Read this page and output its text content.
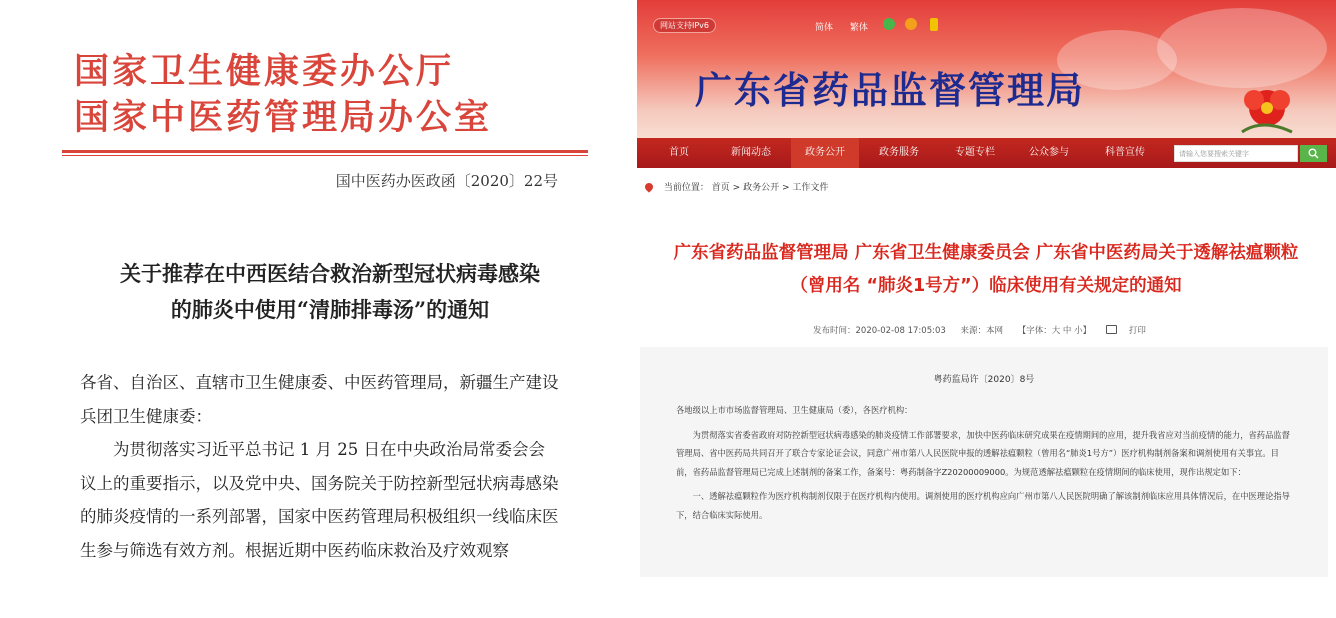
国家卫生健康委办公厅
国家中医药管理局办公室
国中医药办医政函〔2020〕22号
关于推荐在中西医结合救治新型冠状病毒感染
的肺炎中使用“清肺排毒汤”的通知

各省、自治区、直辖市卫生健康委、中医药管理局，新疆生产建设兵团卫生健康委：

为贯彻落实习近平总书记 1 月 25 日在中央政治局常委会会议上的重要指示，以及党中央、国务院关于防控新型冠状病毒感染的肺炎疫情的一系列部署，国家中医药管理局积极组织一线临床医生参与筛选有效方剂。根据近期中医药临床救治及疗效观察

网站支持IPv6	简体 繁体
广东省药品监督管理局
首页	新闻动态	政务公开	政务服务	专题专栏	公众参与	科普宣传	请输入您要搜索关键字
当前位置： 首页 > 政务公开 > 工作文件
广东省药品监督管理局 广东省卫生健康委员会 广东省中医药局关于透解祛瘟颗粒
（曾用名 “肺炎1号方”）临床使用有关规定的通知
发布时间：2020-02-08 17:05:03 来源：本网 【字体：大 中 小】	打印
粤药监局许〔2020〕8号

各地级以上市市场监督管理局、卫生健康局（委），各医疗机构：

为贯彻落实省委省政府对防控新型冠状病毒感染的肺炎疫情工作部署要求，加快中医药临床研究成果在疫情期间的应用，提升我省应对当前疫情的能力，省药品监督管理局、省中医药局共同召开了联合专家论证会议，同意广州市第八人民医院申报的透解祛瘟颗粒（曾用名“肺炎1号方”）医疗机构制剂备案和调剂使用有关事宜。目前，省药品监督管理局已完成上述制剂的备案工作，备案号：粤药制备字Z20200009000。为规范透解祛瘟颗粒在疫情期间的临床使用，现作出规定如下：

一、透解祛瘟颗粒作为医疗机构制剂仅限于在医疗机构内使用。调剂使用的医疗机构应向广州市第八人民医院明确了解该制剂临床应用具体情况后，在中医理论指导下，结合临床实际使用。
